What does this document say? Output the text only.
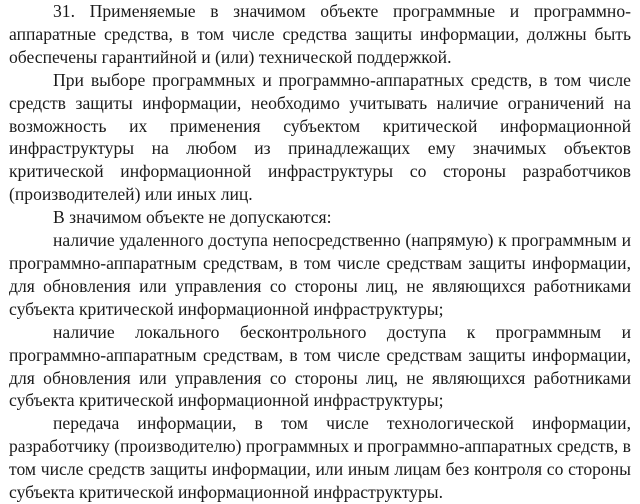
31. Применяемые в значимом объекте программные и программно-аппаратные средства, в том числе средства защиты информации, должны быть обеспечены гарантийной и (или) технической поддержкой.

При выборе программных и программно-аппаратных средств, в том числе средств защиты информации, необходимо учитывать наличие ограничений на возможность их применения субъектом критической информационной инфраструктуры на любом из принадлежащих ему значимых объектов критической информационной инфраструктуры со стороны разработчиков (производителей) или иных лиц.

В значимом объекте не допускаются:

наличие удаленного доступа непосредственно (напрямую) к программным и программно-аппаратным средствам, в том числе средствам защиты информации, для обновления или управления со стороны лиц, не являющихся работниками субъекта критической информационной инфраструктуры;

наличие локального бесконтрольного доступа к программным и программно-аппаратным средствам, в том числе средствам защиты информации, для обновления или управления со стороны лиц, не являющихся работниками субъекта критической информационной инфраструктуры;

передача информации, в том числе технологической информации, разработчику (производителю) программных и программно-аппаратных средств, в том числе средств защиты информации, или иным лицам без контроля со стороны субъекта критической информационной инфраструктуры.
